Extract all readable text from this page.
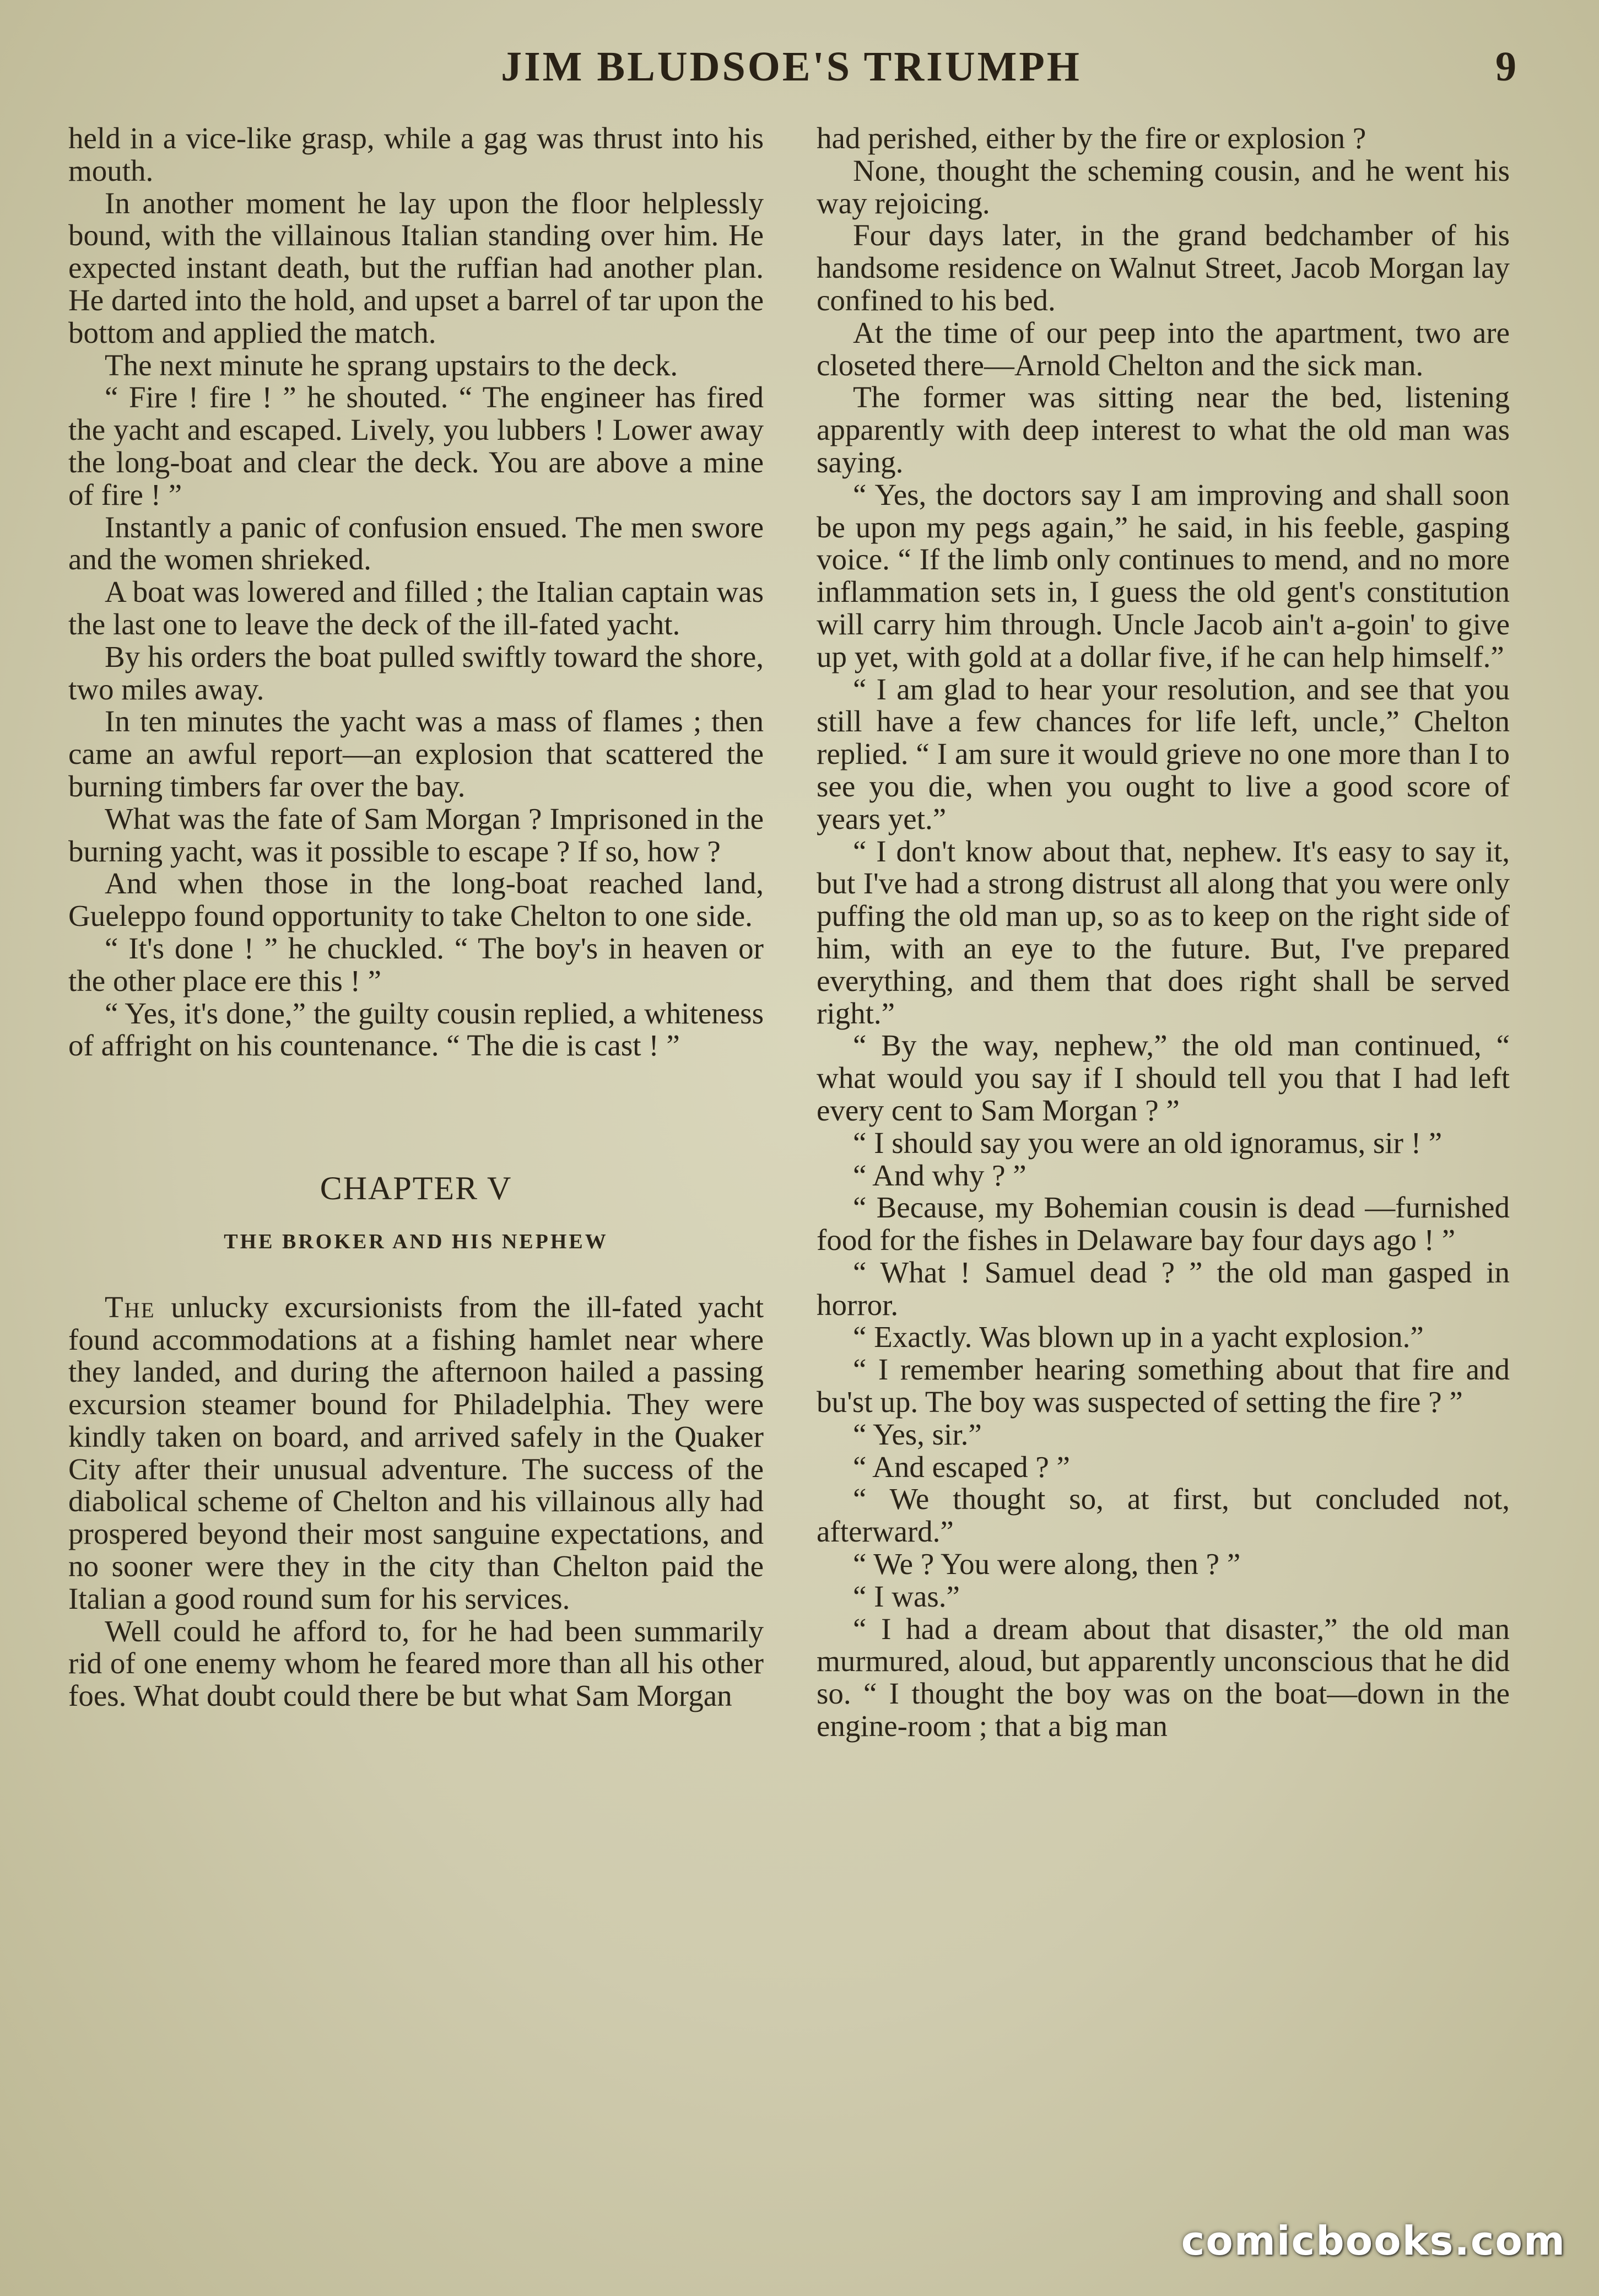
JIM BLUDSOE'S TRIUMPH	9

held in a vice-like grasp, while a gag was thrust into his mouth.

In another moment he lay upon the floor helplessly bound, with the villainous Italian standing over him. He expected instant death, but the ruffian had another plan. He darted into the hold, and upset a barrel of tar upon the bottom and applied the match.

The next minute he sprang upstairs to the deck.

“ Fire ! fire ! ” he shouted. “ The engineer has fired the yacht and escaped. Lively, you lubbers ! Lower away the long-boat and clear the deck. You are above a mine of fire ! ”

Instantly a panic of confusion ensued. The men swore and the women shrieked.

A boat was lowered and filled ; the Italian captain was the last one to leave the deck of the ill-fated yacht.

By his orders the boat pulled swiftly toward the shore, two miles away.

In ten minutes the yacht was a mass of flames ; then came an awful report—an explosion that scattered the burning timbers far over the bay.

What was the fate of Sam Morgan ? Imprisoned in the burning yacht, was it possible to escape ? If so, how ?

And when those in the long-boat reached land, Gueleppo found opportunity to take Chelton to one side.

“ It's done ! ” he chuckled. “ The boy's in heaven or the other place ere this ! ”

“ Yes, it's done,” the guilty cousin replied, a whiteness of affright on his countenance. “ The die is cast ! ”

CHAPTER V
THE BROKER AND HIS NEPHEW

The unlucky excursionists from the ill-fated yacht found accommodations at a fishing hamlet near where they landed, and during the afternoon hailed a passing excursion steamer bound for Philadelphia. They were kindly taken on board, and arrived safely in the Quaker City after their unusual adventure. The success of the diabolical scheme of Chelton and his villainous ally had prospered beyond their most sanguine expectations, and no sooner were they in the city than Chelton paid the Italian a good round sum for his services.

Well could he afford to, for he had been summarily rid of one enemy whom he feared more than all his other foes. What doubt could there be but what Sam Morgan

had perished, either by the fire or explosion ?

None, thought the scheming cousin, and he went his way rejoicing.

Four days later, in the grand bedchamber of his handsome residence on Walnut Street, Jacob Morgan lay confined to his bed.

At the time of our peep into the apartment, two are closeted there—Arnold Chelton and the sick man.

The former was sitting near the bed, listening apparently with deep interest to what the old man was saying.

“ Yes, the doctors say I am improving and shall soon be upon my pegs again,” he said, in his feeble, gasping voice. “ If the limb only continues to mend, and no more inflammation sets in, I guess the old gent's constitution will carry him through. Uncle Jacob ain't a-goin' to give up yet, with gold at a dollar five, if he can help himself.”

“ I am glad to hear your resolution, and see that you still have a few chances for life left, uncle,” Chelton replied. “ I am sure it would grieve no one more than I to see you die, when you ought to live a good score of years yet.”

“ I don't know about that, nephew. It's easy to say it, but I've had a strong distrust all along that you were only puffing the old man up, so as to keep on the right side of him, with an eye to the future. But, I've prepared everything, and them that does right shall be served right.”

“ By the way, nephew,” the old man continued, “ what would you say if I should tell you that I had left every cent to Sam Morgan ? ”

“ I should say you were an old ignoramus, sir ! ”

“ And why ? ”

“ Because, my Bohemian cousin is dead —furnished food for the fishes in Delaware bay four days ago ! ”

“ What ! Samuel dead ? ” the old man gasped in horror.

“ Exactly. Was blown up in a yacht explosion.”

“ I remember hearing something about that fire and bu'st up. The boy was suspected of setting the fire ? ”

“ Yes, sir.”

“ And escaped ? ”

“ We thought so, at first, but concluded not, afterward.”

“ We ? You were along, then ? ”

“ I was.”

“ I had a dream about that disaster,” the old man murmured, aloud, but apparently unconscious that he did so. “ I thought the boy was on the boat—down in the engine-room ; that a big man

comicbooks.com
